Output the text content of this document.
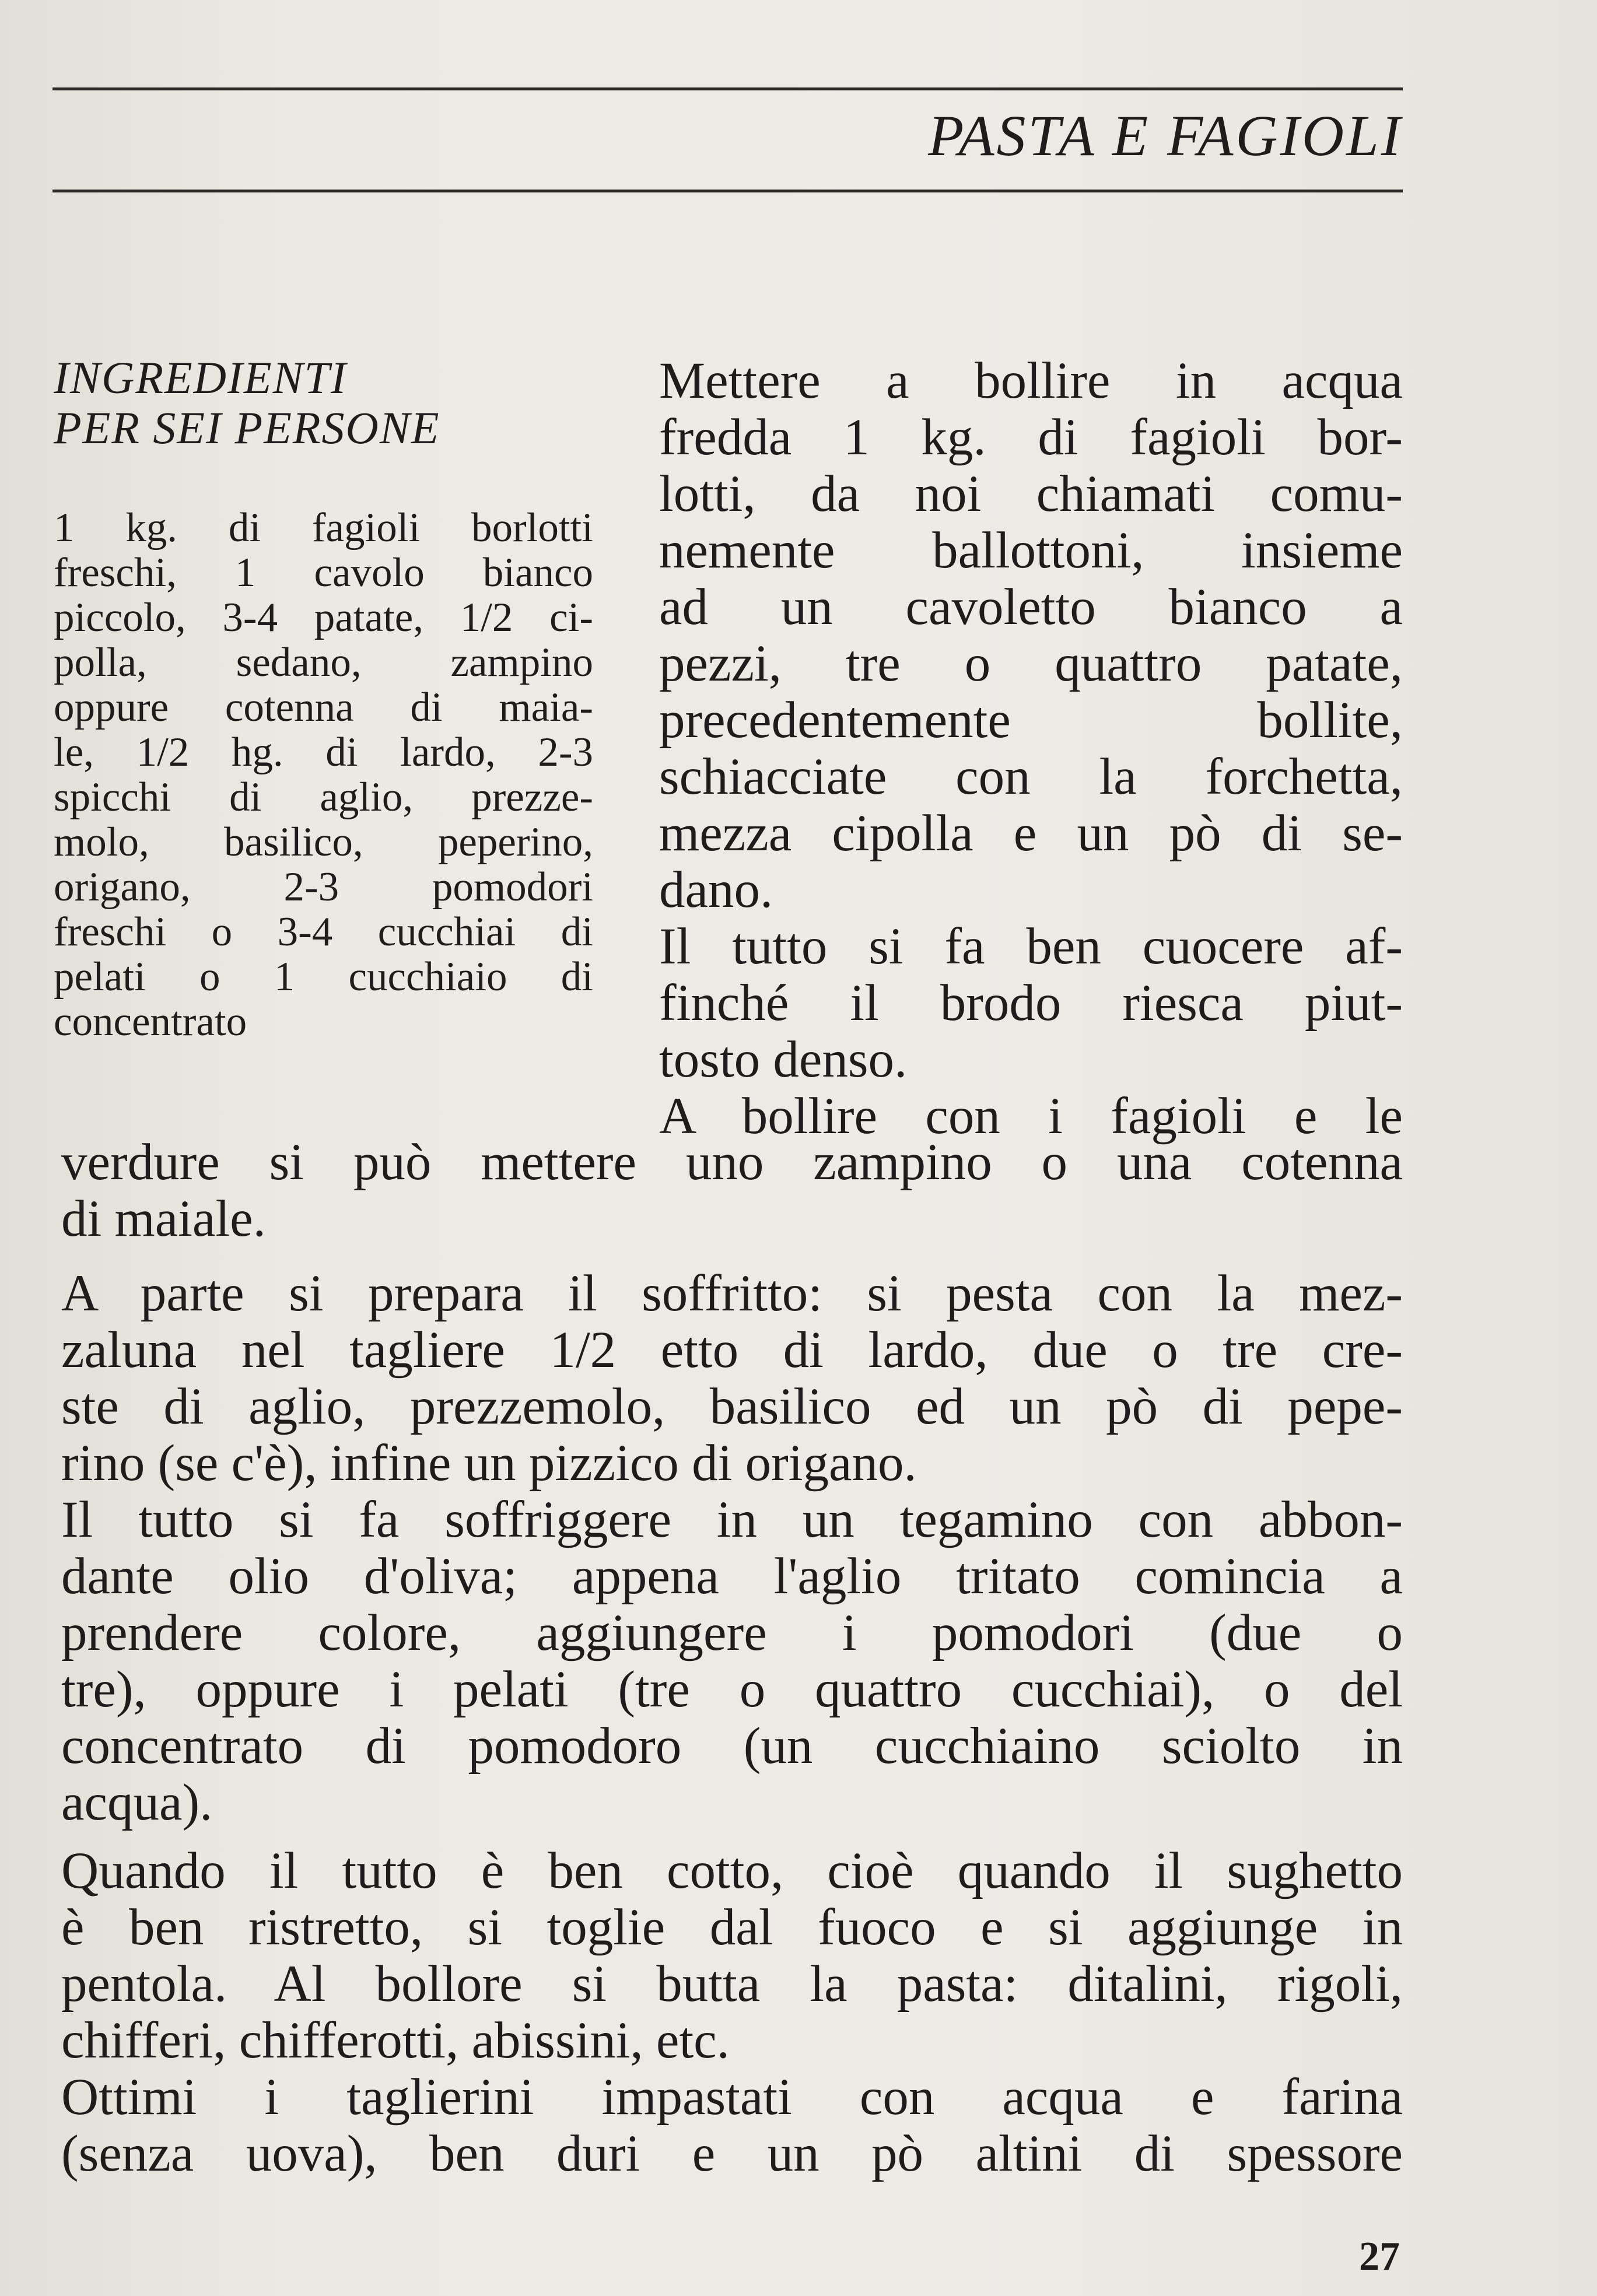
PASTA E FAGIOLI
INGREDIENTI
PER SEI PERSONE
1 kg. di fagioli borlotti
freschi, 1 cavolo bianco
piccolo, 3-4 patate, 1/2 ci-
polla, sedano, zampino
oppure cotenna di maia-
le, 1/2 hg. di lardo, 2-3
spicchi di aglio, prezze-
molo, basilico, peperino,
origano, 2-3 pomodori
freschi o 3-4 cucchiai di
pelati o 1 cucchiaio di
concentrato
Mettere a bollire in acqua
fredda 1 kg. di fagioli bor-
lotti, da noi chiamati comu-
nemente ballottoni, insieme
ad un cavoletto bianco a
pezzi, tre o quattro patate,
precedentemente bollite,
schiacciate con la forchetta,
mezza cipolla e un pò di se-
dano.
Il tutto si fa ben cuocere af-
finché il brodo riesca piut-
tosto denso.
A bollire con i fagioli e le
verdure si può mettere uno zampino o una cotenna
di maiale.
A parte si prepara il soffritto: si pesta con la mez-
zaluna nel tagliere 1/2 etto di lardo, due o tre cre-
ste di aglio, prezzemolo, basilico ed un pò di pepe-
rino (se c'è), infine un pizzico di origano.
Il tutto si fa soffriggere in un tegamino con abbon-
dante olio d'oliva; appena l'aglio tritato comincia a
prendere colore, aggiungere i pomodori (due o
tre), oppure i pelati (tre o quattro cucchiai), o del
concentrato di pomodoro (un cucchiaino sciolto in
acqua).
Quando il tutto è ben cotto, cioè quando il sughetto
è ben ristretto, si toglie dal fuoco e si aggiunge in
pentola. Al bollore si butta la pasta: ditalini, rigoli,
chifferi, chifferotti, abissini, etc.
Ottimi i taglierini impastati con acqua e farina
(senza uova), ben duri e un pò altini di spessore
27
